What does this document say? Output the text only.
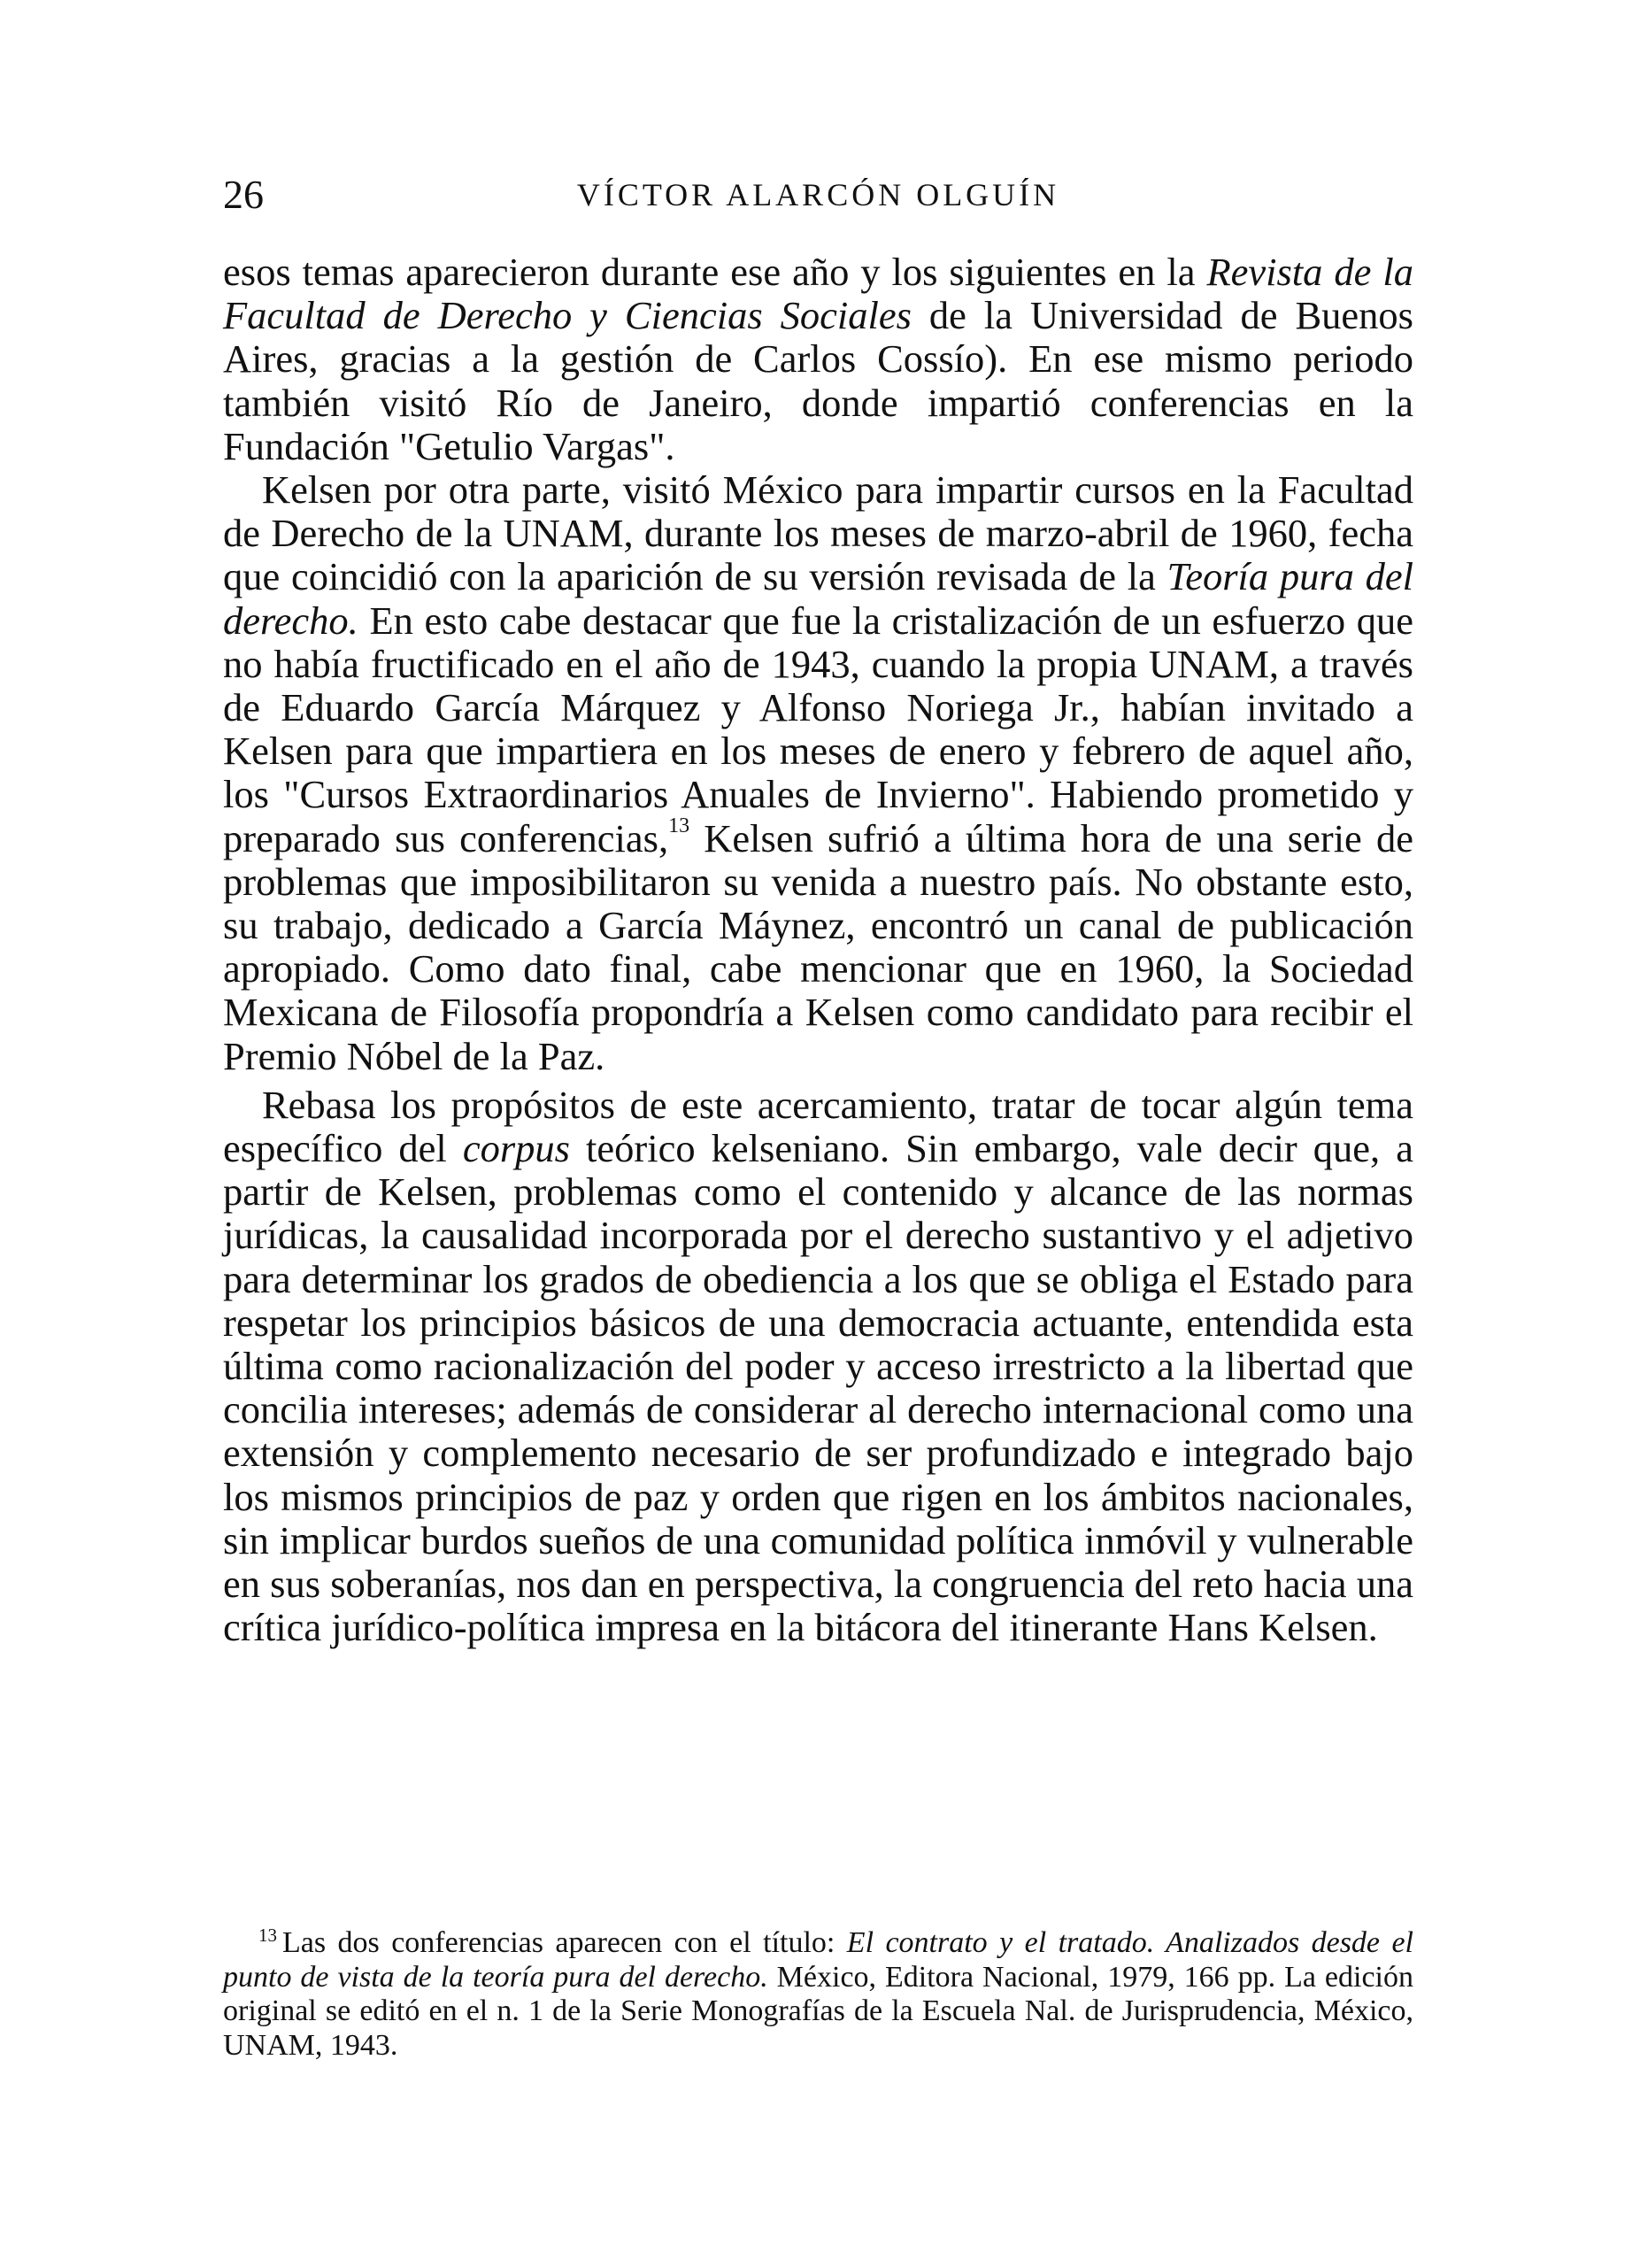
26	VÍCTOR ALARCÓN OLGUÍN

esos temas aparecieron durante ese año y los siguientes en la Revista de la Facultad de Derecho y Ciencias Sociales de la Universidad de Buenos Aires, gracias a la gestión de Carlos Cossío). En ese mismo periodo también visitó Río de Janeiro, donde impartió conferencias en la Fundación "Getulio Vargas".

Kelsen por otra parte, visitó México para impartir cursos en la Facultad de Derecho de la UNAM, durante los meses de marzo-abril de 1960, fecha que coincidió con la aparición de su versión revisada de la Teoría pura del derecho. En esto cabe destacar que fue la cristalización de un esfuerzo que no había fructificado en el año de 1943, cuando la propia UNAM, a través de Eduardo García Márquez y Alfonso Noriega Jr., habían invitado a Kelsen para que impartiera en los meses de enero y febrero de aquel año, los "Cursos Extraordinarios Anuales de Invierno". Habiendo prometido y preparado sus conferencias,$^{13}$ Kelsen sufrió a última hora de una serie de problemas que imposibilitaron su venida a nuestro país. No obstante esto, su trabajo, dedicado a García Máynez, encontró un canal de publicación apropiado. Como dato final, cabe mencionar que en 1960, la Sociedad Mexicana de Filosofía propondría a Kelsen como candidato para recibir el Premio Nóbel de la Paz.

Rebasa los propósitos de este acercamiento, tratar de tocar algún tema específico del corpus teórico kelseniano. Sin embargo, vale decir que, a partir de Kelsen, problemas como el contenido y alcance de las normas jurídicas, la causalidad incorporada por el derecho sustantivo y el adjetivo para determinar los grados de obediencia a los que se obliga el Estado para respetar los principios básicos de una democracia actuante, entendida esta última como racionalización del poder y acceso irrestricto a la libertad que concilia intereses; además de considerar al derecho internacional como una extensión y complemento necesario de ser profundizado e integrado bajo los mismos principios de paz y orden que rigen en los ámbitos nacionales, sin implicar burdos sueños de una comunidad política inmóvil y vulnerable en sus soberanías, nos dan en perspectiva, la congruencia del reto hacia una crítica jurídico-política impresa en la bitácora del itinerante Hans Kelsen.

$^{13}$ Las dos conferencias aparecen con el título: El contrato y el tratado. Analizados desde el punto de vista de la teoría pura del derecho. México, Editora Nacional, 1979, 166 pp. La edición original se editó en el n. 1 de la Serie Monografías de la Escuela Nal. de Jurisprudencia, México, UNAM, 1943.
